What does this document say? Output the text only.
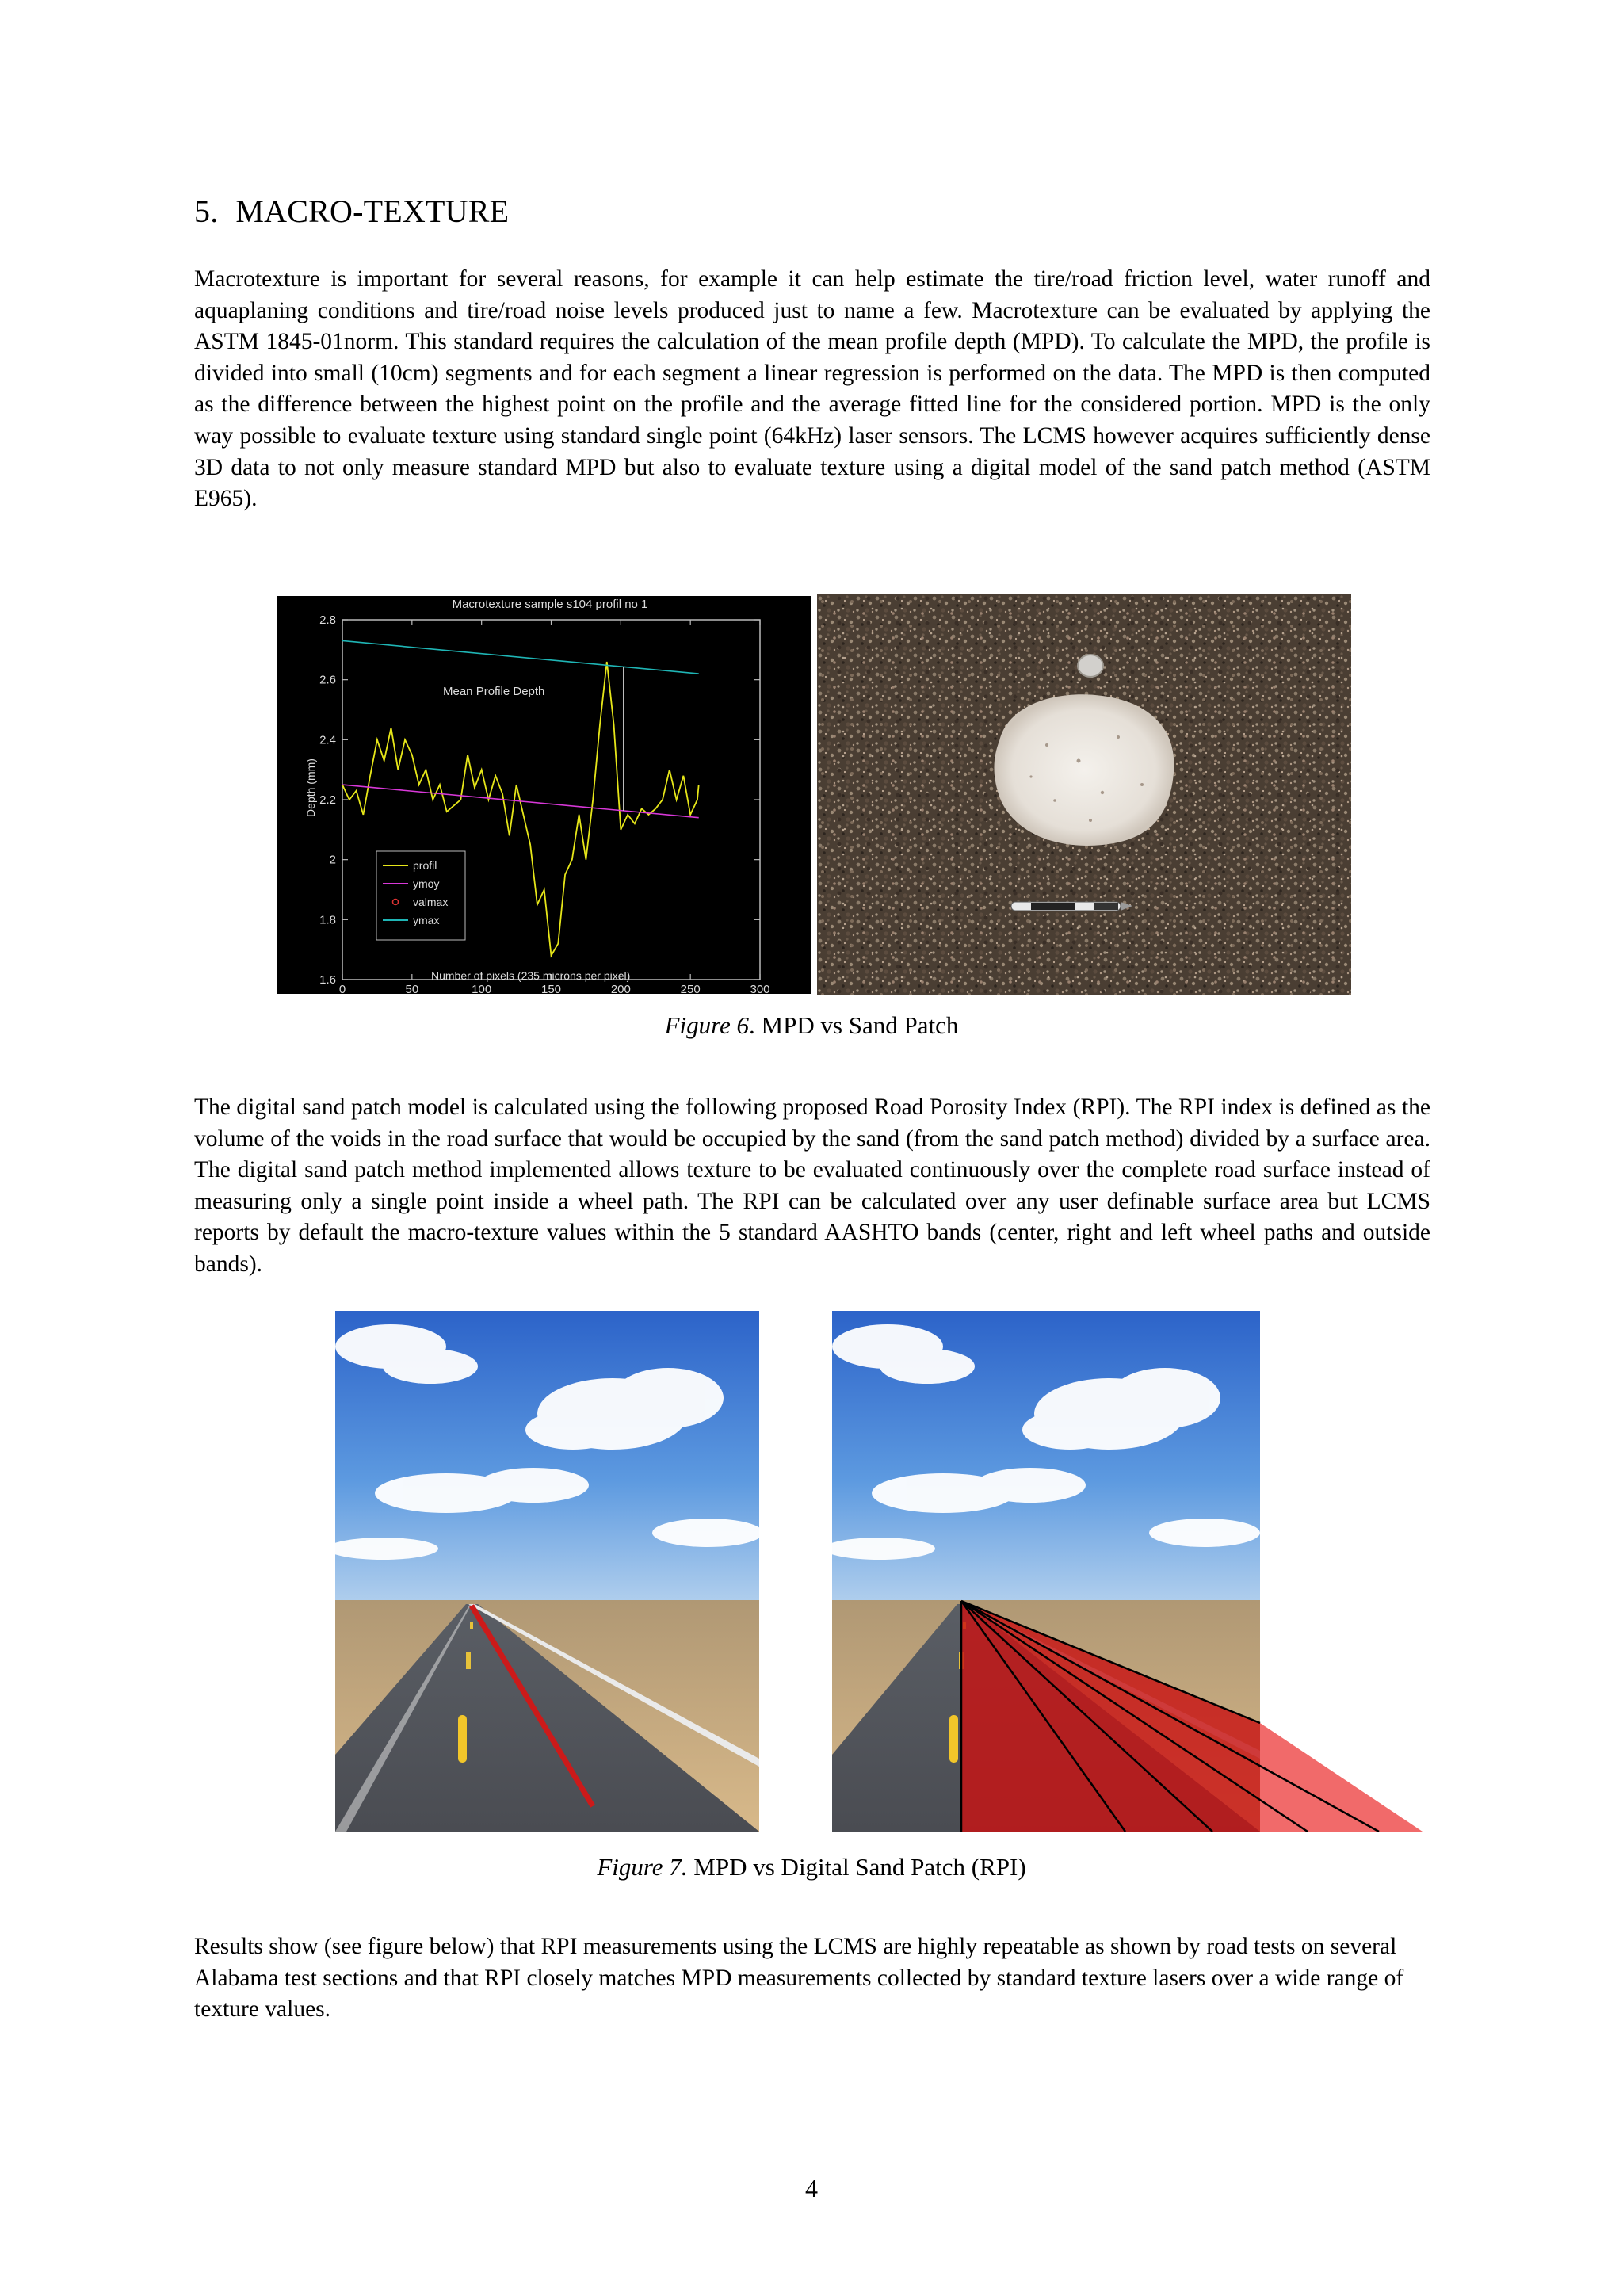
5. MACRO-TEXTURE

Macrotexture is important for several reasons, for example it can help estimate the tire/road friction level, water runoff and aquaplaning conditions and tire/road noise levels produced just to name a few. Macrotexture can be evaluated by applying the ASTM 1845-01norm. This standard requires the calculation of the mean profile depth (MPD). To calculate the MPD, the profile is divided into small (10cm) segments and for each segment a linear regression is performed on the data. The MPD is then computed as the difference between the highest point on the profile and the average fitted line for the considered portion. MPD is the only way possible to evaluate texture using standard single point (64kHz) laser sensors. The LCMS however acquires sufficiently dense 3D data to not only measure standard MPD but also to evaluate texture using a digital model of the sand patch method (ASTM E965).

0	50	100	150	200	250	300
1.6
1.8
2
2.2
2.4
2.6
2.8
Macrotexture sample s104 profil no 1
Number of pixels (235 microns per pixel)
Depth (mm)
Mean Profile Depth
profil
ymoy
valmax
ymax
Figure 6. MPD vs Sand Patch

The digital sand patch model is calculated using the following proposed Road Porosity Index (RPI). The RPI index is defined as the volume of the voids in the road surface that would be occupied by the sand (from the sand patch method) divided by a surface area. The digital sand patch method implemented allows texture to be evaluated continuously over the complete road surface instead of measuring only a single point inside a wheel path. The RPI can be calculated over any user definable surface area but LCMS reports by default the macro-texture values within the 5 standard AASHTO bands (center, right and left wheel paths and outside bands).

Figure 7. MPD vs Digital Sand Patch (RPI)

Results show (see figure below) that RPI measurements using the LCMS are highly repeatable as shown by road tests on several Alabama test sections and that RPI closely matches MPD measurements collected by standard texture lasers over a wide range of texture values.

4
